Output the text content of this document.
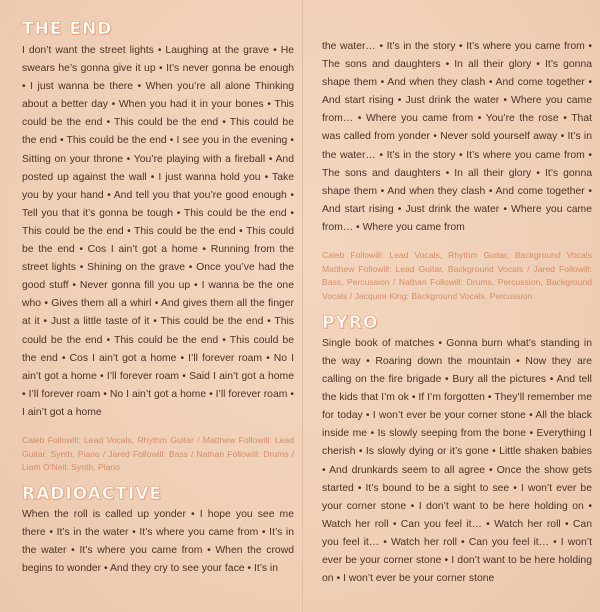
THE END

I don’t want the street lights • Laughing at the grave • He swears he’s gonna give it up • It’s never gonna be enough • I just wanna be there • When you’re all alone Thinking about a better day • When you had it in your bones • This could be the end • This could be the end • This could be the end • This could be the end • I see you in the evening • Sitting on your throne • You’re playing with a fireball • And posted up against the wall • I just wanna hold you • Take you by your hand • And tell you that you’re good enough • Tell you that it’s gonna be tough • This could be the end • This could be the end • This could be the end • This could be the end • Cos I ain’t got a home • Running from the street lights • Shining on the grave • Once you’ve had the good stuff • Never gonna fill you up • I wanna be the one who • Gives them all a whirl • And gives them all the finger at it • Just a little taste of it • This could be the end • This could be the end • This could be the end • This could be the end • Cos I ain’t got a home • I’ll forever roam • No I ain’t got a home • I’ll forever roam • Said I ain’t got a home • I’ll forever roam • No I ain’t got a home • I’ll forever roam • I ain’t got a home

Caleb Followill: Lead Vocals, Rhythm Guitar / Matthew Followill: Lead Guitar, Synth, Piano / Jared Followill: Bass / Nathan Followill: Drums / Liam O’Neil: Synth, Piano

RADIOACTIVE

When the roll is called up yonder • I hope you see me there • It’s in the water • It’s where you came from • It’s in the water • It’s where you came from • When the crowd begins to wonder • And they cry to see your face • It’s in

the water… • It’s in the story • It’s where you came from • The sons and daughters • In all their glory • It’s gonna shape them • And when they clash • And come together • And start rising • Just drink the water • Where you came from… • Where you came from • You’re the rose • That was called from yonder • Never sold yourself away • It’s in the water… • It’s in the story • It’s where you came from • The sons and daughters • In all their glory • It’s gonna shape them • And when they clash • And come together • And start rising • Just drink the water • Where you came from… • Where you came from

Caleb Followill: Lead Vocals, Rhythm Guitar, Background Vocals Matthew Followill: Lead Guitar, Background Vocals / Jared Followill: Bass, Percussion / Nathan Followill: Drums, Percussion, Background Vocals / Jacquire King: Background Vocals, Percussion

PYRO

Single book of matches • Gonna burn what’s standing in the way • Roaring down the mountain • Now they are calling on the fire brigade • Bury all the pictures • And tell the kids that I’m ok • If I’m forgotten • They’ll remember me for today • I won’t ever be your corner stone • All the black inside me • Is slowly seeping from the bone • Everything I cherish • Is slowly dying or it’s gone • Little shaken babies • And drunkards seem to all agree • Once the show gets started • It’s bound to be a sight to see • I won’t ever be your corner stone • I don’t want to be here holding on • Watch her roll • Can you feel it… • Watch her roll • Can you feel it… • Watch her roll • Can you feel it… • I won’t ever be your corner stone • I don’t want to be here holding on • I won’t ever be your corner stone
